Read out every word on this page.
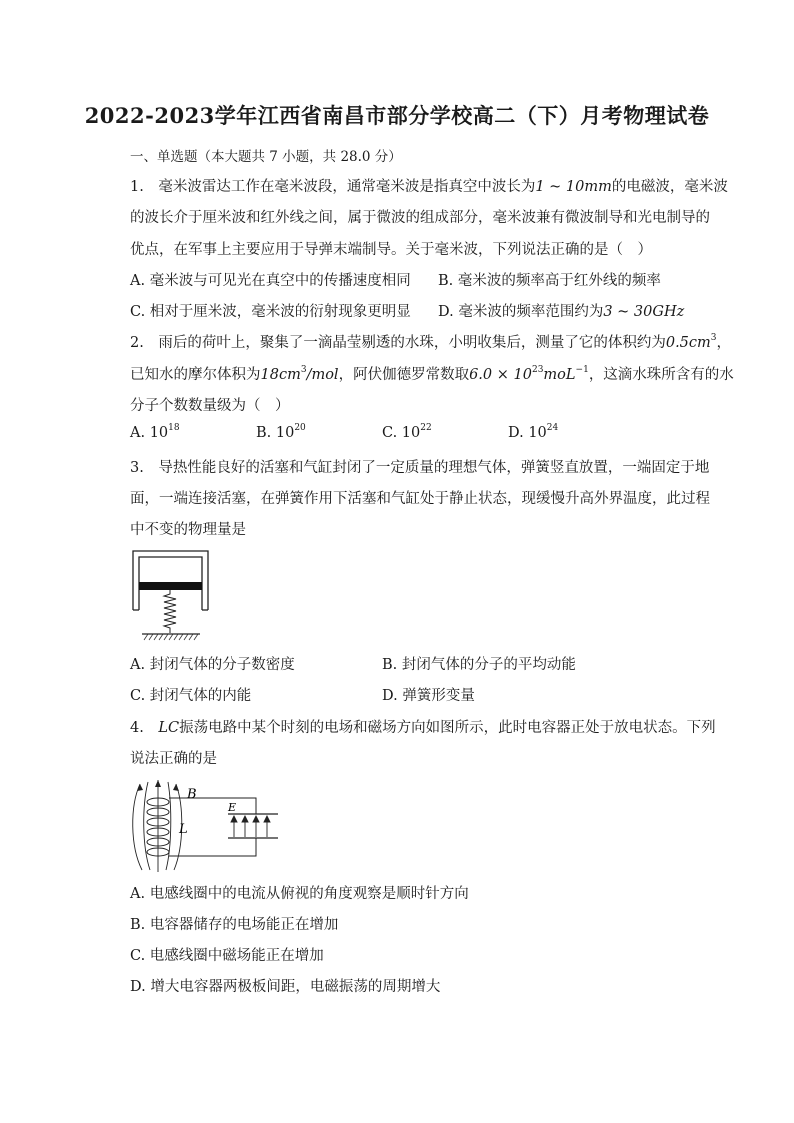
2022-2023学年江西省南昌市部分学校高二（下）月考物理试卷
一、单选题（本大题共 7 小题，共 28.0 分）
1.　毫米波雷达工作在毫米波段，通常毫米波是指真空中波长为1 ~ 10mm的电磁波，毫米波
的波长介于厘米波和红外线之间，属于微波的组成部分，毫米波兼有微波制导和光电制导的
优点，在军事上主要应用于导弹末端制导。关于毫米波，下列说法正确的是（　）
A. 毫米波与可见光在真空中的传播速度相同 B. 毫米波的频率高于红外线的频率
C. 相对于厘米波，毫米波的衍射现象更明显 D. 毫米波的频率范围约为3 ~ 30GHz
2.　雨后的荷叶上，聚集了一滴晶莹剔透的水珠，小明收集后，测量了它的体积约为$0.5cm^3$，
已知水的摩尔体积为$18cm^3$/mol，阿伏伽德罗常数取$6.0 \times 10^{23}moL^{-1}$，这滴水珠所含有的水
分子个数数量级为（　）
A. $10^{18}$	B. $10^{20}$	C. $10^{22}$	D. $10^{24}$
3.　导热性能良好的活塞和气缸封闭了一定质量的理想气体，弹簧竖直放置，一端固定于地
面，一端连接活塞，在弹簧作用下活塞和气缸处于静止状态，现缓慢升高外界温度，此过程
中不变的物理量是
A. 封闭气体的分子数密度	B. 封闭气体的分子的平均动能
C. 封闭气体的内能	D. 弹簧形变量
4.　LC振荡电路中某个时刻的电场和磁场方向如图所示，此时电容器正处于放电状态。下列
说法正确的是
B
L
E
A. 电感线圈中的电流从俯视的角度观察是顺时针方向
B. 电容器储存的电场能正在增加
C. 电感线圈中磁场能正在增加
D. 增大电容器两极板间距，电磁振荡的周期增大
